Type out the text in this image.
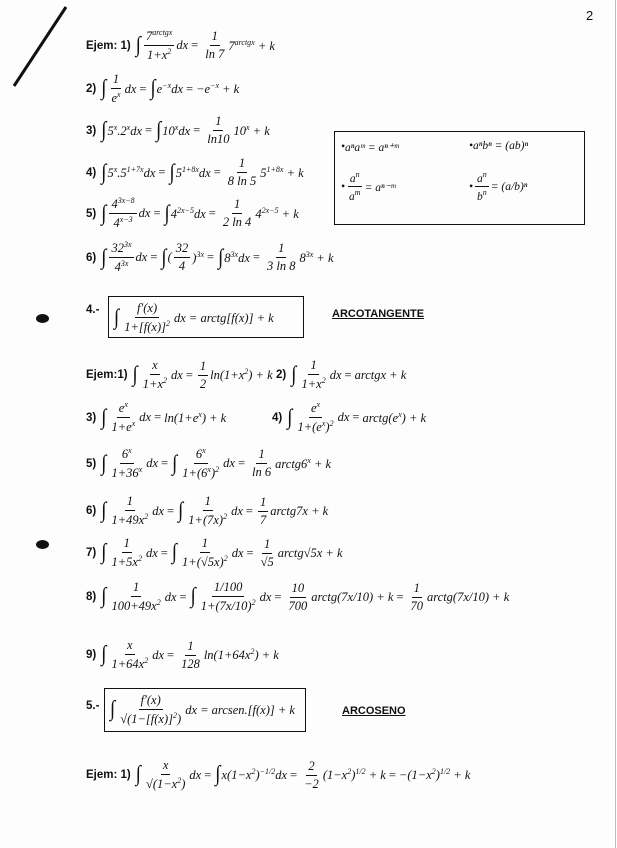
2
Ejem: 1) ∫ $\frac{7^{arctgx}}{1+x^2}$ dx = $\frac{1}{\ln 7} 7^{arctgx} + k$
2) ∫ $\frac{1}{e^x}$ dx = ∫ $e^{-x}dx = -e^{-x} + k$
3) ∫ $5^x.2^xdx$ = ∫ $10^xdx = \frac{1}{\ln 10} 10^x + k$
4) ∫ $5^x.5^{1+7x}dx$ = ∫ $5^{1+8x}dx = \frac{1}{8 \ln 5} 5^{1+8x} + k$
5) ∫ $\frac{4^{3x-8}}{4^{x-3}}$ dx = ∫ $4^{2x-5}dx = \frac{1}{2 \ln 4} 4^{2x-5} + k$
6) ∫ $\frac{32^{3x}}{4^{3x}}$ dx = ∫ ( $\frac{32}{4} )^{3x}$ = ∫ $8^{3x}dx = \frac{1}{3 \ln 8} 8^{3x} + k$
• aⁿaᵐ = aⁿ⁺ᵐ	• aⁿbⁿ = (ab)ⁿ
• $\frac{a^n}{a^m}$ = aⁿ⁻ᵐ	• $\frac{a^n}{b^n} = (a/b)^n$
4.- ∫ $\frac{f'(x)}{1+[f(x)]^2}$ dx = arctg[f(x)] + k	ARCOTANGENTE
Ejem:1) ∫ $\frac{x}{1+x^2}$ dx = $\frac{1}{2} \ln(1+x^2) + k$ 2) ∫ $\frac{1}{1+x^2}$ dx = arctgx + k
3) ∫ $\frac{e^x}{1+e^x}$ dx = $\ln(1+e^x) + k$	4) ∫ $\frac{e^x}{1+(e^x)^2}$ dx = $arctg(e^x) + k$
5) ∫ $\frac{6^x}{1+36^x}$ dx = ∫ $\frac{6^x}{1+(6^x)^2}$ dx = $\frac{1}{\ln 6}$ $arctg6^x + k$
6) ∫ $\frac{1}{1+49x^2}$ dx = ∫ $\frac{1}{1+(7x)^2}$ dx = $\frac{1}{7}$ arctg7x + k
7) ∫ $\frac{1}{1+5x^2}$ dx = ∫ $\frac{1}{1+(√5x)^2}$ dx = $\frac{1}{√5}$ arctg√5x + k
8) ∫ $\frac{1}{100+49x^2}$ dx = ∫ $\frac{1/100}{1+(7x/10)^2}$ dx = $\frac{10}{700}$ arctg(7x/10) + $k = \frac{1}{70}$ arctg(7x/10) + k
9) ∫ $\frac{x}{1+64x^2}$ dx = $\frac{1}{128} \ln(1+64x^2) + k$
5.- ∫ $\frac{f'(x)}{√(1-[f(x)]^2)}$ dx = arcsen.[f(x)] + k	ARCOSENO
Ejem: 1) ∫ $\frac{x}{√(1-x^2)}$ dx = ∫ $x(1-x^2)^{-1/2}dx = \frac{2}{-2} (1-x^2)^{1/2} + k = -(1-x^2)^{1/2} + k$
